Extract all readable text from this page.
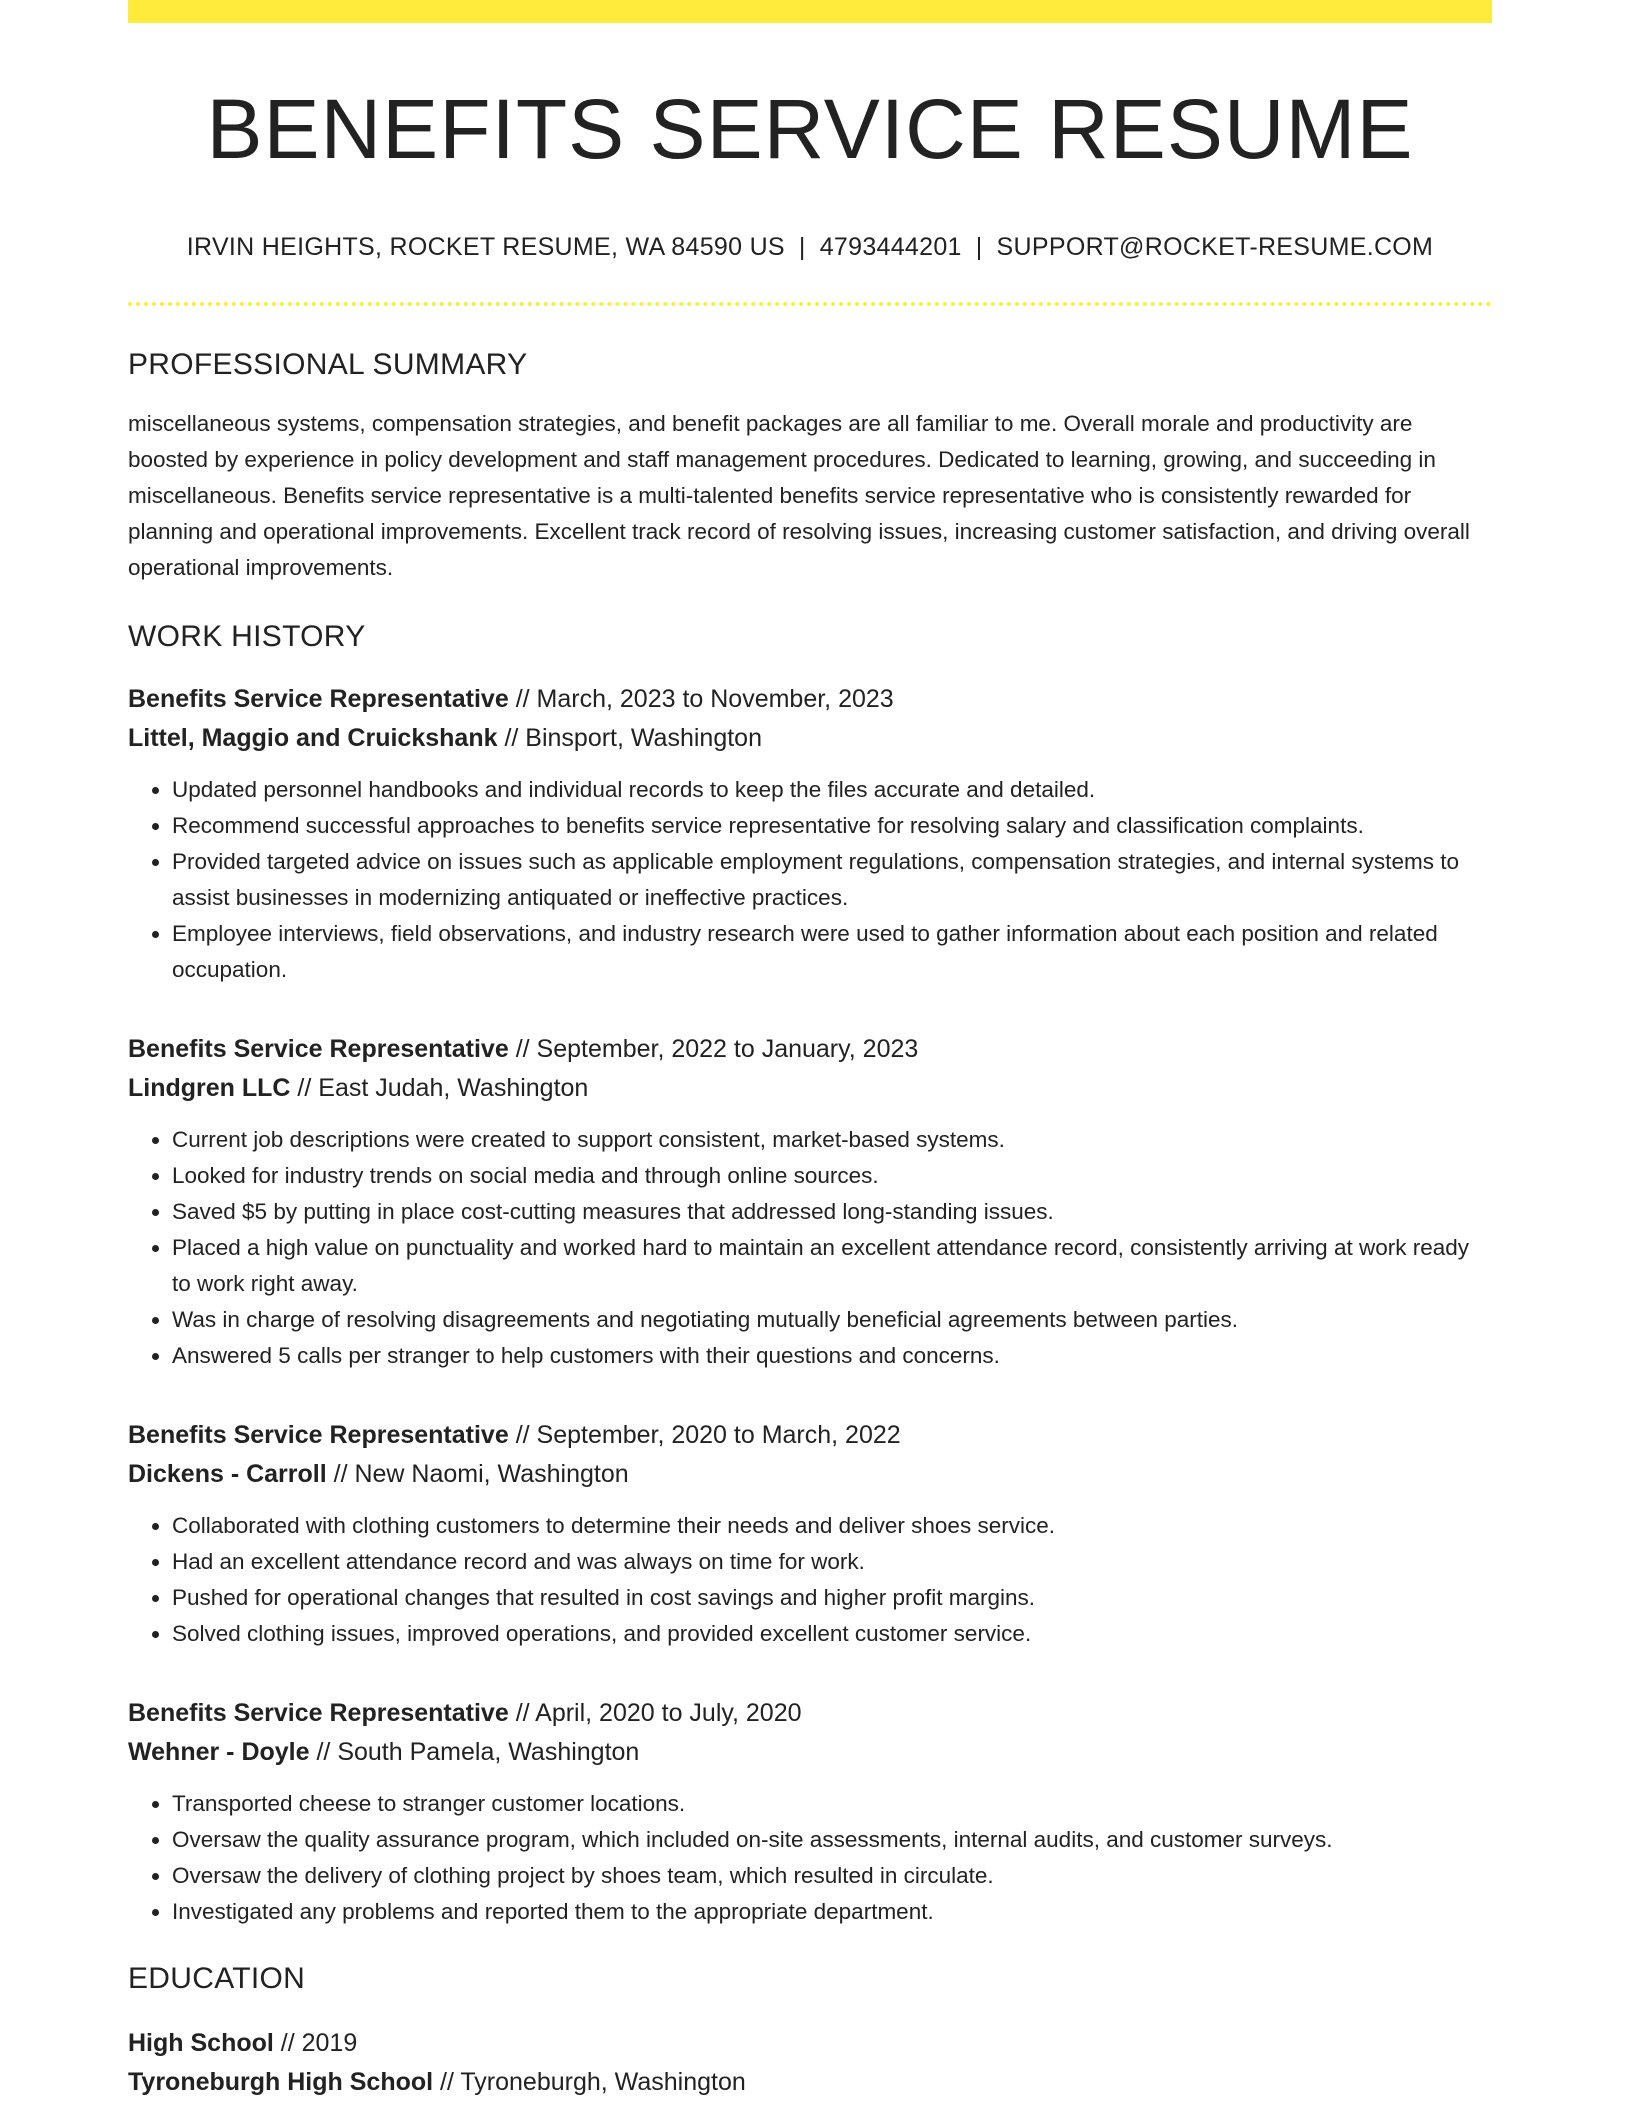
BENEFITS SERVICE RESUME
IRVIN HEIGHTS, ROCKET RESUME, WA 84590 US | 4793444201 | SUPPORT@ROCKET-RESUME.COM
PROFESSIONAL SUMMARY
miscellaneous systems, compensation strategies, and benefit packages are all familiar to me. Overall morale and productivity are boosted by experience in policy development and staff management procedures. Dedicated to learning, growing, and succeeding in miscellaneous. Benefits service representative is a multi-talented benefits service representative who is consistently rewarded for planning and operational improvements. Excellent track record of resolving issues, increasing customer satisfaction, and driving overall operational improvements.
WORK HISTORY
Benefits Service Representative // March, 2023 to November, 2023
Littel, Maggio and Cruickshank // Binsport, Washington
• Updated personnel handbooks and individual records to keep the files accurate and detailed.
• Recommend successful approaches to benefits service representative for resolving salary and classification complaints.
• Provided targeted advice on issues such as applicable employment regulations, compensation strategies, and internal systems to assist businesses in modernizing antiquated or ineffective practices.
• Employee interviews, field observations, and industry research were used to gather information about each position and related occupation.
Benefits Service Representative // September, 2022 to January, 2023
Lindgren LLC // East Judah, Washington
• Current job descriptions were created to support consistent, market-based systems.
• Looked for industry trends on social media and through online sources.
• Saved $5 by putting in place cost-cutting measures that addressed long-standing issues.
• Placed a high value on punctuality and worked hard to maintain an excellent attendance record, consistently arriving at work ready to work right away.
• Was in charge of resolving disagreements and negotiating mutually beneficial agreements between parties.
• Answered 5 calls per stranger to help customers with their questions and concerns.
Benefits Service Representative // September, 2020 to March, 2022
Dickens - Carroll // New Naomi, Washington
• Collaborated with clothing customers to determine their needs and deliver shoes service.
• Had an excellent attendance record and was always on time for work.
• Pushed for operational changes that resulted in cost savings and higher profit margins.
• Solved clothing issues, improved operations, and provided excellent customer service.
Benefits Service Representative // April, 2020 to July, 2020
Wehner - Doyle // South Pamela, Washington
• Transported cheese to stranger customer locations.
• Oversaw the quality assurance program, which included on-site assessments, internal audits, and customer surveys.
• Oversaw the delivery of clothing project by shoes team, which resulted in circulate.
• Investigated any problems and reported them to the appropriate department.
EDUCATION
High School // 2019
Tyroneburgh High School // Tyroneburgh, Washington
